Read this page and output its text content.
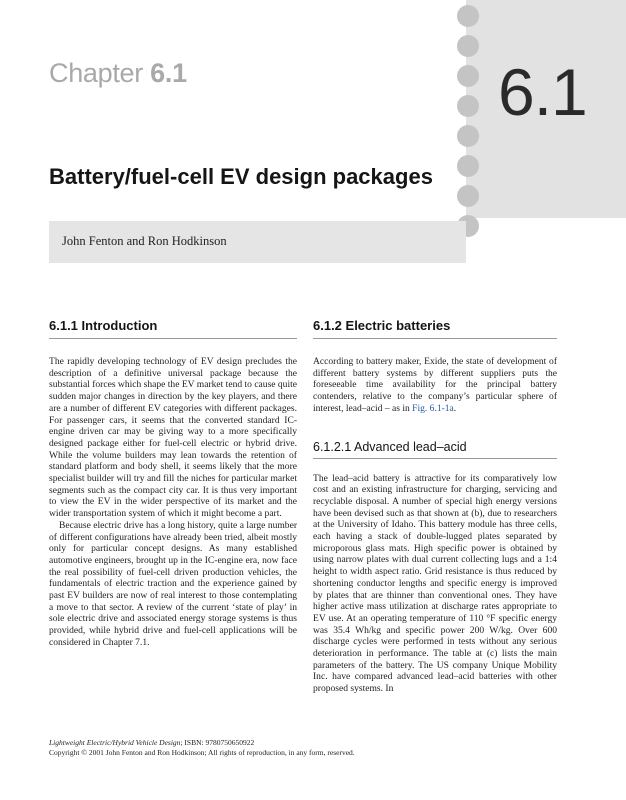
6.1
Chapter 6.1
Battery/fuel-cell EV design packages
John Fenton and Ron Hodkinson
6.1.1 Introduction

The rapidly developing technology of EV design precludes the description of a definitive universal package because the substantial forces which shape the EV market tend to cause quite sudden major changes in direction by the key players, and there are a number of different EV categories with different packages. For passenger cars, it seems that the converted standard IC-engine driven car may be giving way to a more specifically designed package either for fuel-cell electric or hybrid drive. While the volume builders may lean towards the retention of standard platform and body shell, it seems likely that the more specialist builder will try and fill the niches for particular market segments such as the compact city car. It is thus very important to view the EV in the wider perspective of its market and the wider transportation system of which it might become a part.

Because electric drive has a long history, quite a large number of different configurations have already been tried, albeit mostly only for particular concept designs. As many established automotive engineers, brought up in the IC-engine era, now face the real possibility of fuel-cell driven production vehicles, the fundamentals of electric traction and the experience gained by past EV builders are now of real interest to those contemplating a move to that sector. A review of the current ‘state of play’ in sole electric drive and associated energy storage systems is thus provided, while hybrid drive and fuel-cell applications will be considered in Chapter 7.1.

6.1.2 Electric batteries

According to battery maker, Exide, the state of development of different battery systems by different suppliers puts the foreseeable time availability for the principal battery contenders, relative to the company’s particular sphere of interest, lead–acid – as in Fig. 6.1-1a.

6.1.2.1 Advanced lead–acid

The lead–acid battery is attractive for its comparatively low cost and an existing infrastructure for charging, servicing and recyclable disposal. A number of special high energy versions have been devised such as that shown at (b), due to researchers at the University of Idaho. This battery module has three cells, each having a stack of double-lugged plates separated by microporous glass mats. High specific power is obtained by using narrow plates with dual current collecting lugs and a 1:4 height to width aspect ratio. Grid resistance is thus reduced by shortening conductor lengths and specific energy is improved by plates that are thinner than conventional ones. They have higher active mass utilization at discharge rates appropriate to EV use. At an operating temperature of 110 °F specific energy was 35.4 Wh/kg and specific power 200 W/kg. Over 600 discharge cycles were performed in tests without any serious deterioration in performance. The table at (c) lists the main parameters of the battery. The US company Unique Mobility Inc. have compared advanced lead–acid batteries with other proposed systems. In

Lightweight Electric/Hybrid Vehicle Design; ISBN: 9780750650922
Copyright © 2001 John Fenton and Ron Hodkinson; All rights of reproduction, in any form, reserved.
